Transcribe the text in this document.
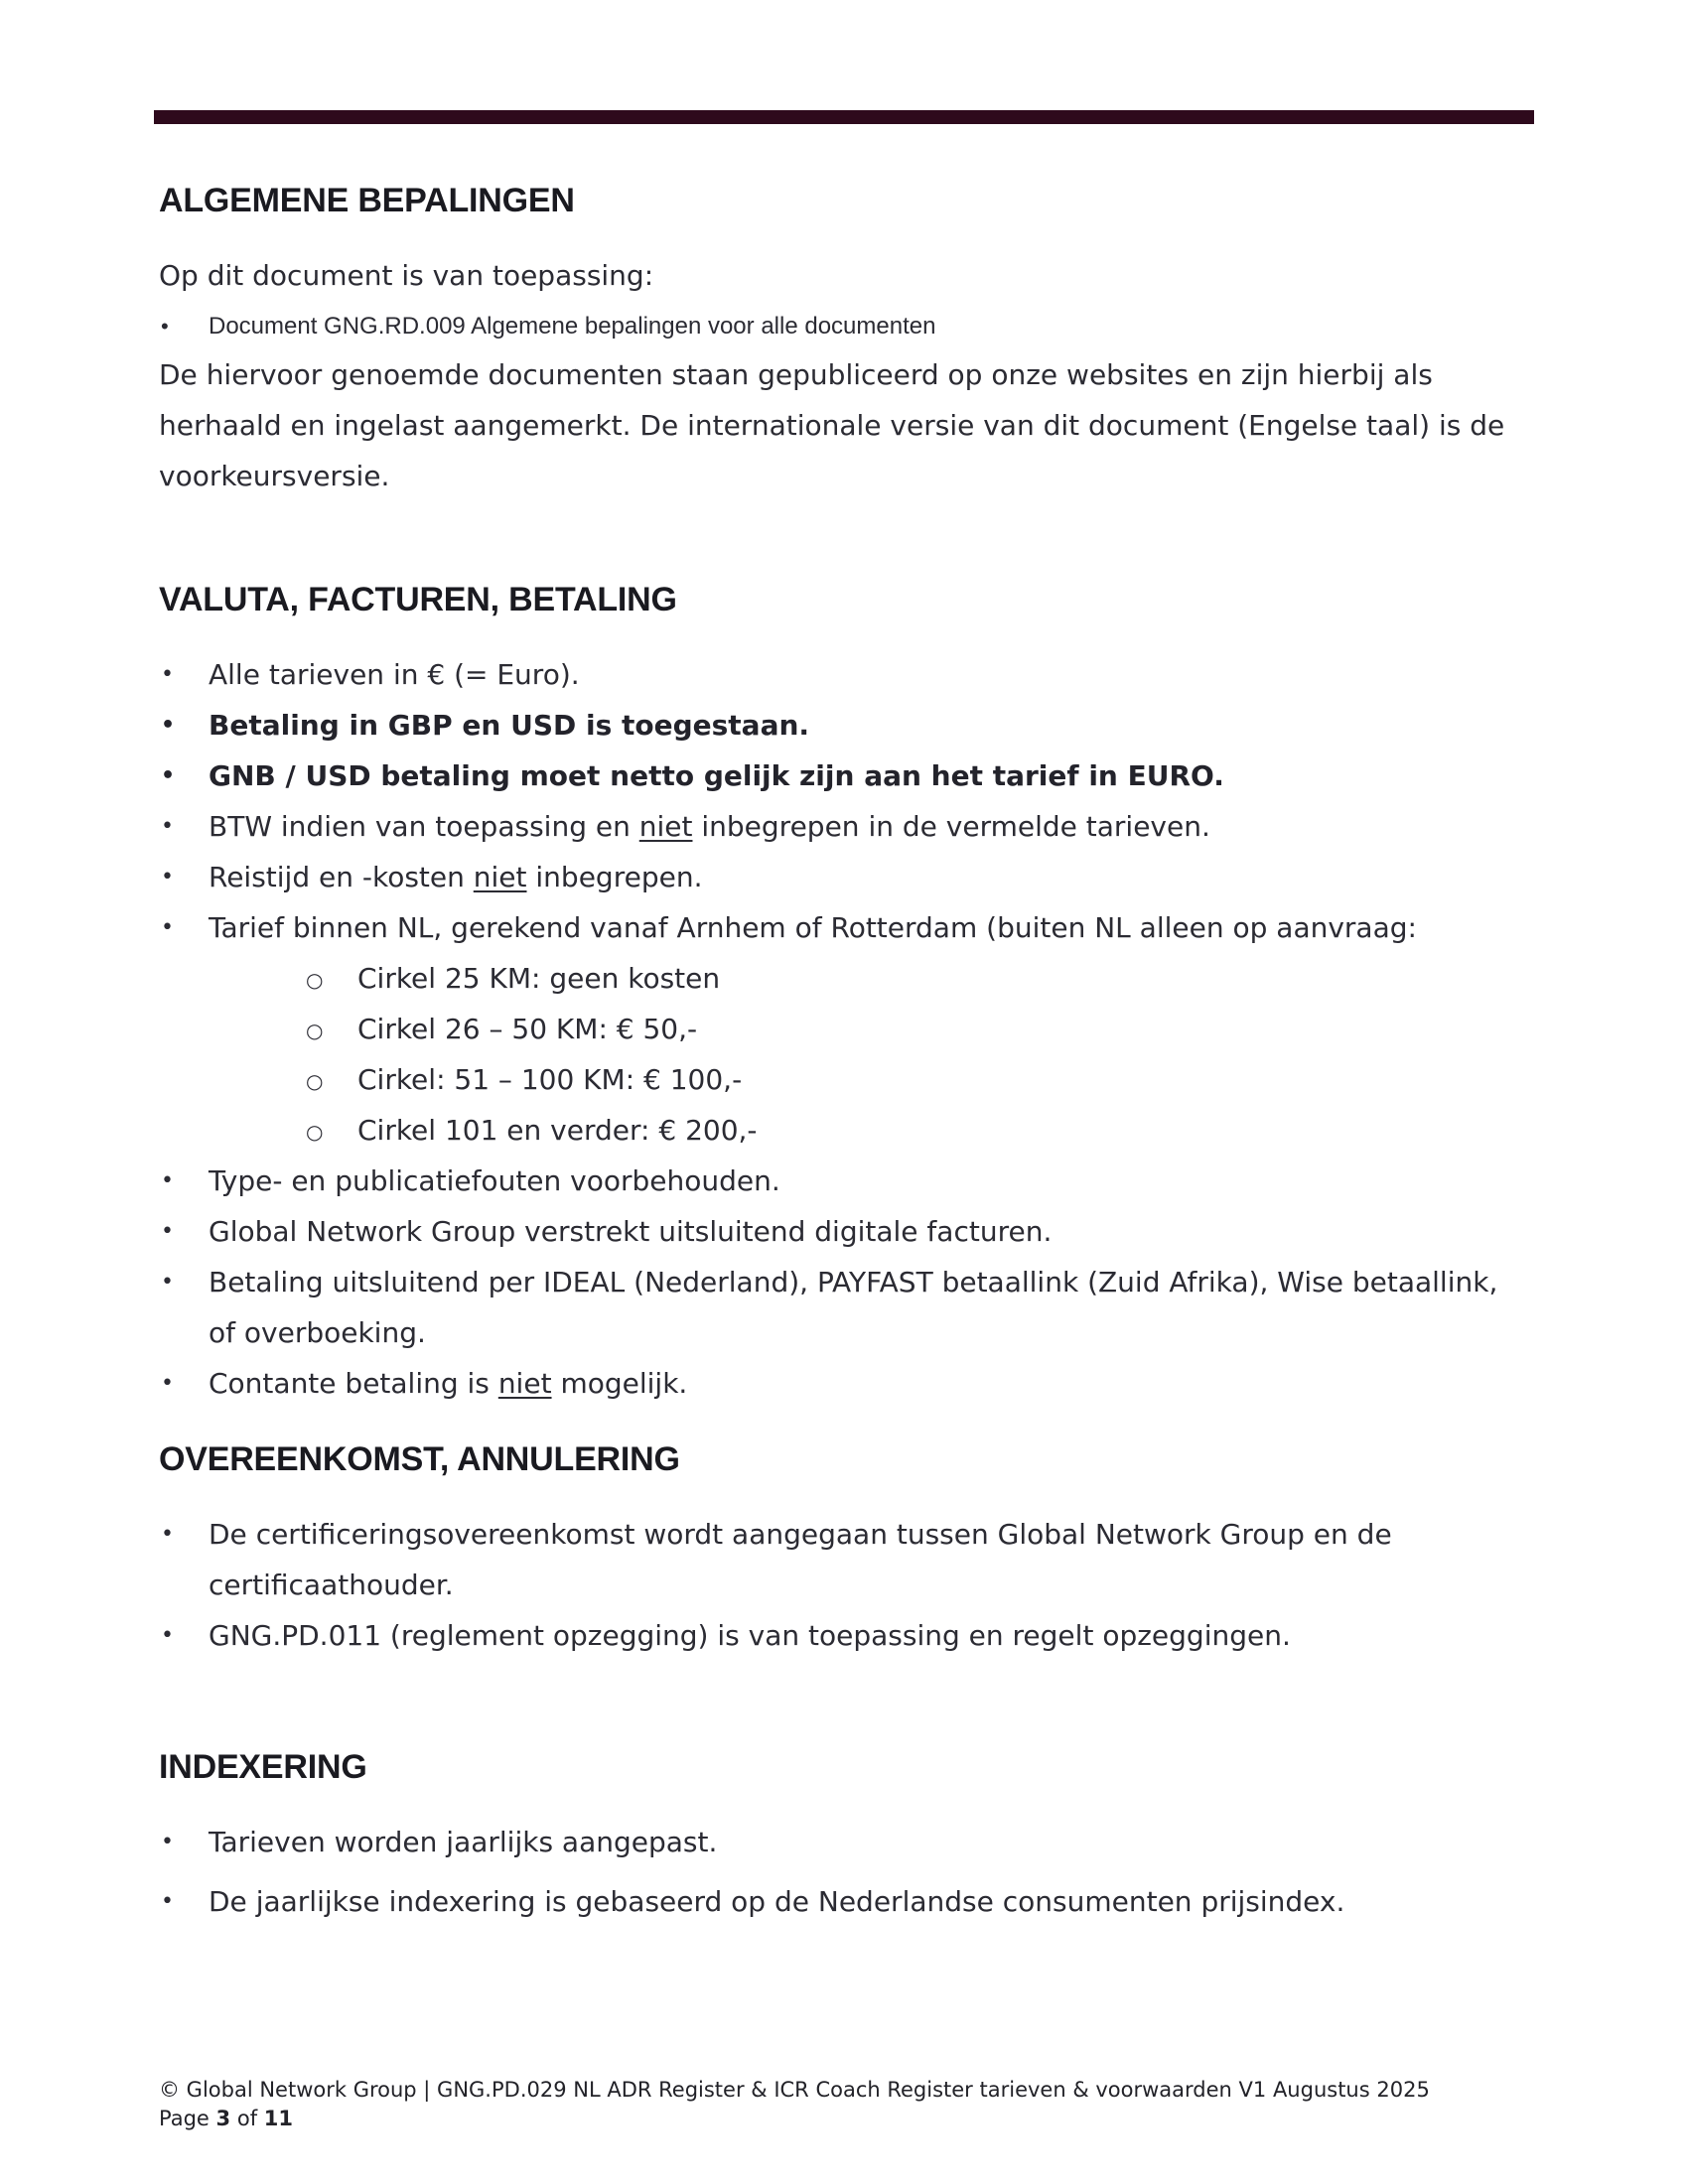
ALGEMENE BEPALINGEN

Op dit document is van toepassing:

• Document GNG.RD.009 Algemene bepalingen voor alle documenten
De hiervoor genoemde documenten staan gepubliceerd op onze websites en zijn hierbij als
herhaald en ingelast aangemerkt. De internationale versie van dit document (Engelse taal) is de
voorkeursversie.
VALUTA, FACTUREN, BETALING
• Alle tarieven in € (= Euro).
• Betaling in GBP en USD is toegestaan.
• GNB / USD betaling moet netto gelijk zijn aan het tarief in EURO.
• BTW indien van toepassing en niet inbegrepen in de vermelde tarieven.
• Reistijd en -kosten niet inbegrepen.
• Tarief binnen NL, gerekend vanaf Arnhem of Rotterdam (buiten NL alleen op aanvraag:
○ Cirkel 25 KM: geen kosten
○ Cirkel 26 – 50 KM: € 50,-
○ Cirkel: 51 – 100 KM: € 100,-
○ Cirkel 101 en verder: € 200,-
• Type- en publicatiefouten voorbehouden.
• Global Network Group verstrekt uitsluitend digitale facturen.
• Betaling uitsluitend per IDEAL (Nederland), PAYFAST betaallink (Zuid Afrika), Wise betaallink,
of overboeking.
• Contante betaling is niet mogelijk.
OVEREENKOMST, ANNULERING
• De certificeringsovereenkomst wordt aangegaan tussen Global Network Group en de
certificaathouder.
• GNG.PD.011 (reglement opzegging) is van toepassing en regelt opzeggingen.
INDEXERING
• Tarieven worden jaarlijks aangepast.
• De jaarlijkse indexering is gebaseerd op de Nederlandse consumenten prijsindex.
© Global Network Group | GNG.PD.029 NL ADR Register & ICR Coach Register tarieven & voorwaarden V1 Augustus 2025
Page 3 of 11
